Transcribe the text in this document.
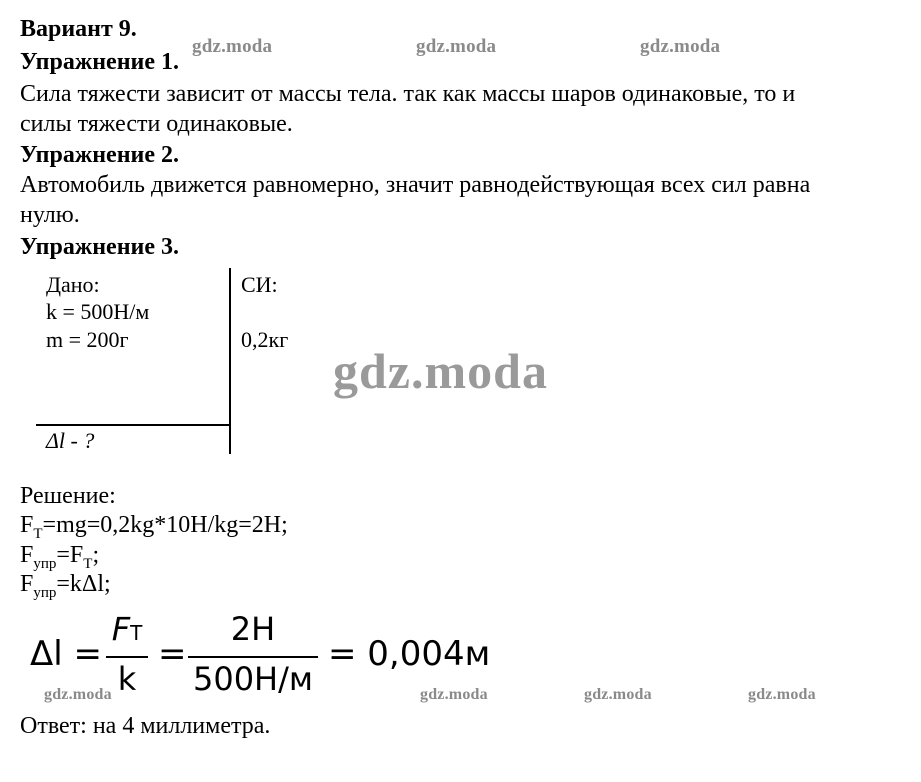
Вариант 9.
Упражнение 1.
Сила тяжести зависит от массы тела. так как массы шаров одинаковые, то и
силы тяжести одинаковые.
Упражнение 2.
Автомобиль движется равномерно, значит равнодействующая всех сил равна
нулю.
Упражнение 3.
Дано:
k = 500Н/м
m = 200г
СИ:
0,2кг
Δl - ?
gdz.moda
gdz.moda	gdz.moda	gdz.moda
gdz.moda	gdz.moda	gdz.moda	gdz.moda
Решение:
$F_T=mg=0,2kg*10H/kg=2H$;
$F_{упр}=F_T$;
$F_{упр}=k\Delta l$;
Δl =
FT
k
=
2Н
500Н/м
= 0,004м
Ответ: на 4 миллиметра.
